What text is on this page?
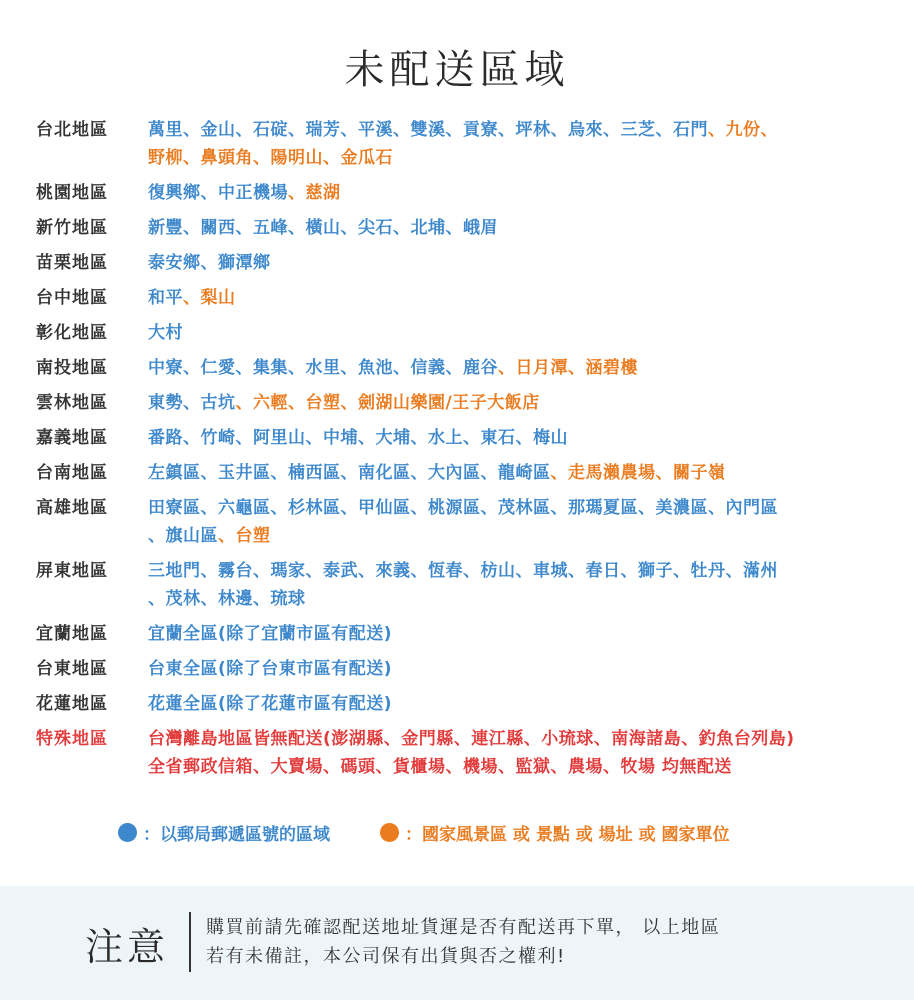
未配送區域
台北地區	萬里、金山、石碇、瑞芳、平溪、雙溪、貢寮、坪林、烏來、三芝、石門、九份、
野柳、鼻頭角、陽明山、金瓜石
桃園地區	復興鄉、中正機場、慈湖
新竹地區	新豐、關西、五峰、橫山、尖石、北埔、峨眉
苗栗地區	泰安鄉、獅潭鄉
台中地區	和平、梨山
彰化地區	大村
南投地區	中寮、仁愛、集集、水里、魚池、信義、鹿谷、日月潭、涵碧樓
雲林地區	東勢、古坑、六輕、台塑、劍湖山樂園/王子大飯店
嘉義地區	番路、竹崎、阿里山、中埔、大埔、水上、東石、梅山
台南地區	左鎮區、玉井區、楠西區、南化區、大內區、龍崎區、走馬瀨農場、關子嶺
高雄地區	田寮區、六龜區、杉林區、甲仙區、桃源區、茂林區、那瑪夏區、美濃區、內門區
、旗山區、台塑
屏東地區	三地門、霧台、瑪家、泰武、來義、恆春、枋山、車城、春日、獅子、牡丹、滿州
、茂林、林邊、琉球
宜蘭地區	宜蘭全區(除了宜蘭市區有配送)
台東地區	台東全區(除了台東市區有配送)
花蓮地區	花蓮全區(除了花蓮市區有配送)
特殊地區	台灣離島地區皆無配送(澎湖縣、金門縣、連江縣、小琉球、南海諸島、釣魚台列島)
全省郵政信箱、大賣場、碼頭、貨櫃場、機場、監獄、農場、牧場 均無配送
：以郵局郵遞區號的區域	：國家風景區 或 景點 或 場址 或 國家單位
注意 購買前請先確認配送地址貨運是否有配送再下單， 以上地區
若有未備註，本公司保有出貨與否之權利!
